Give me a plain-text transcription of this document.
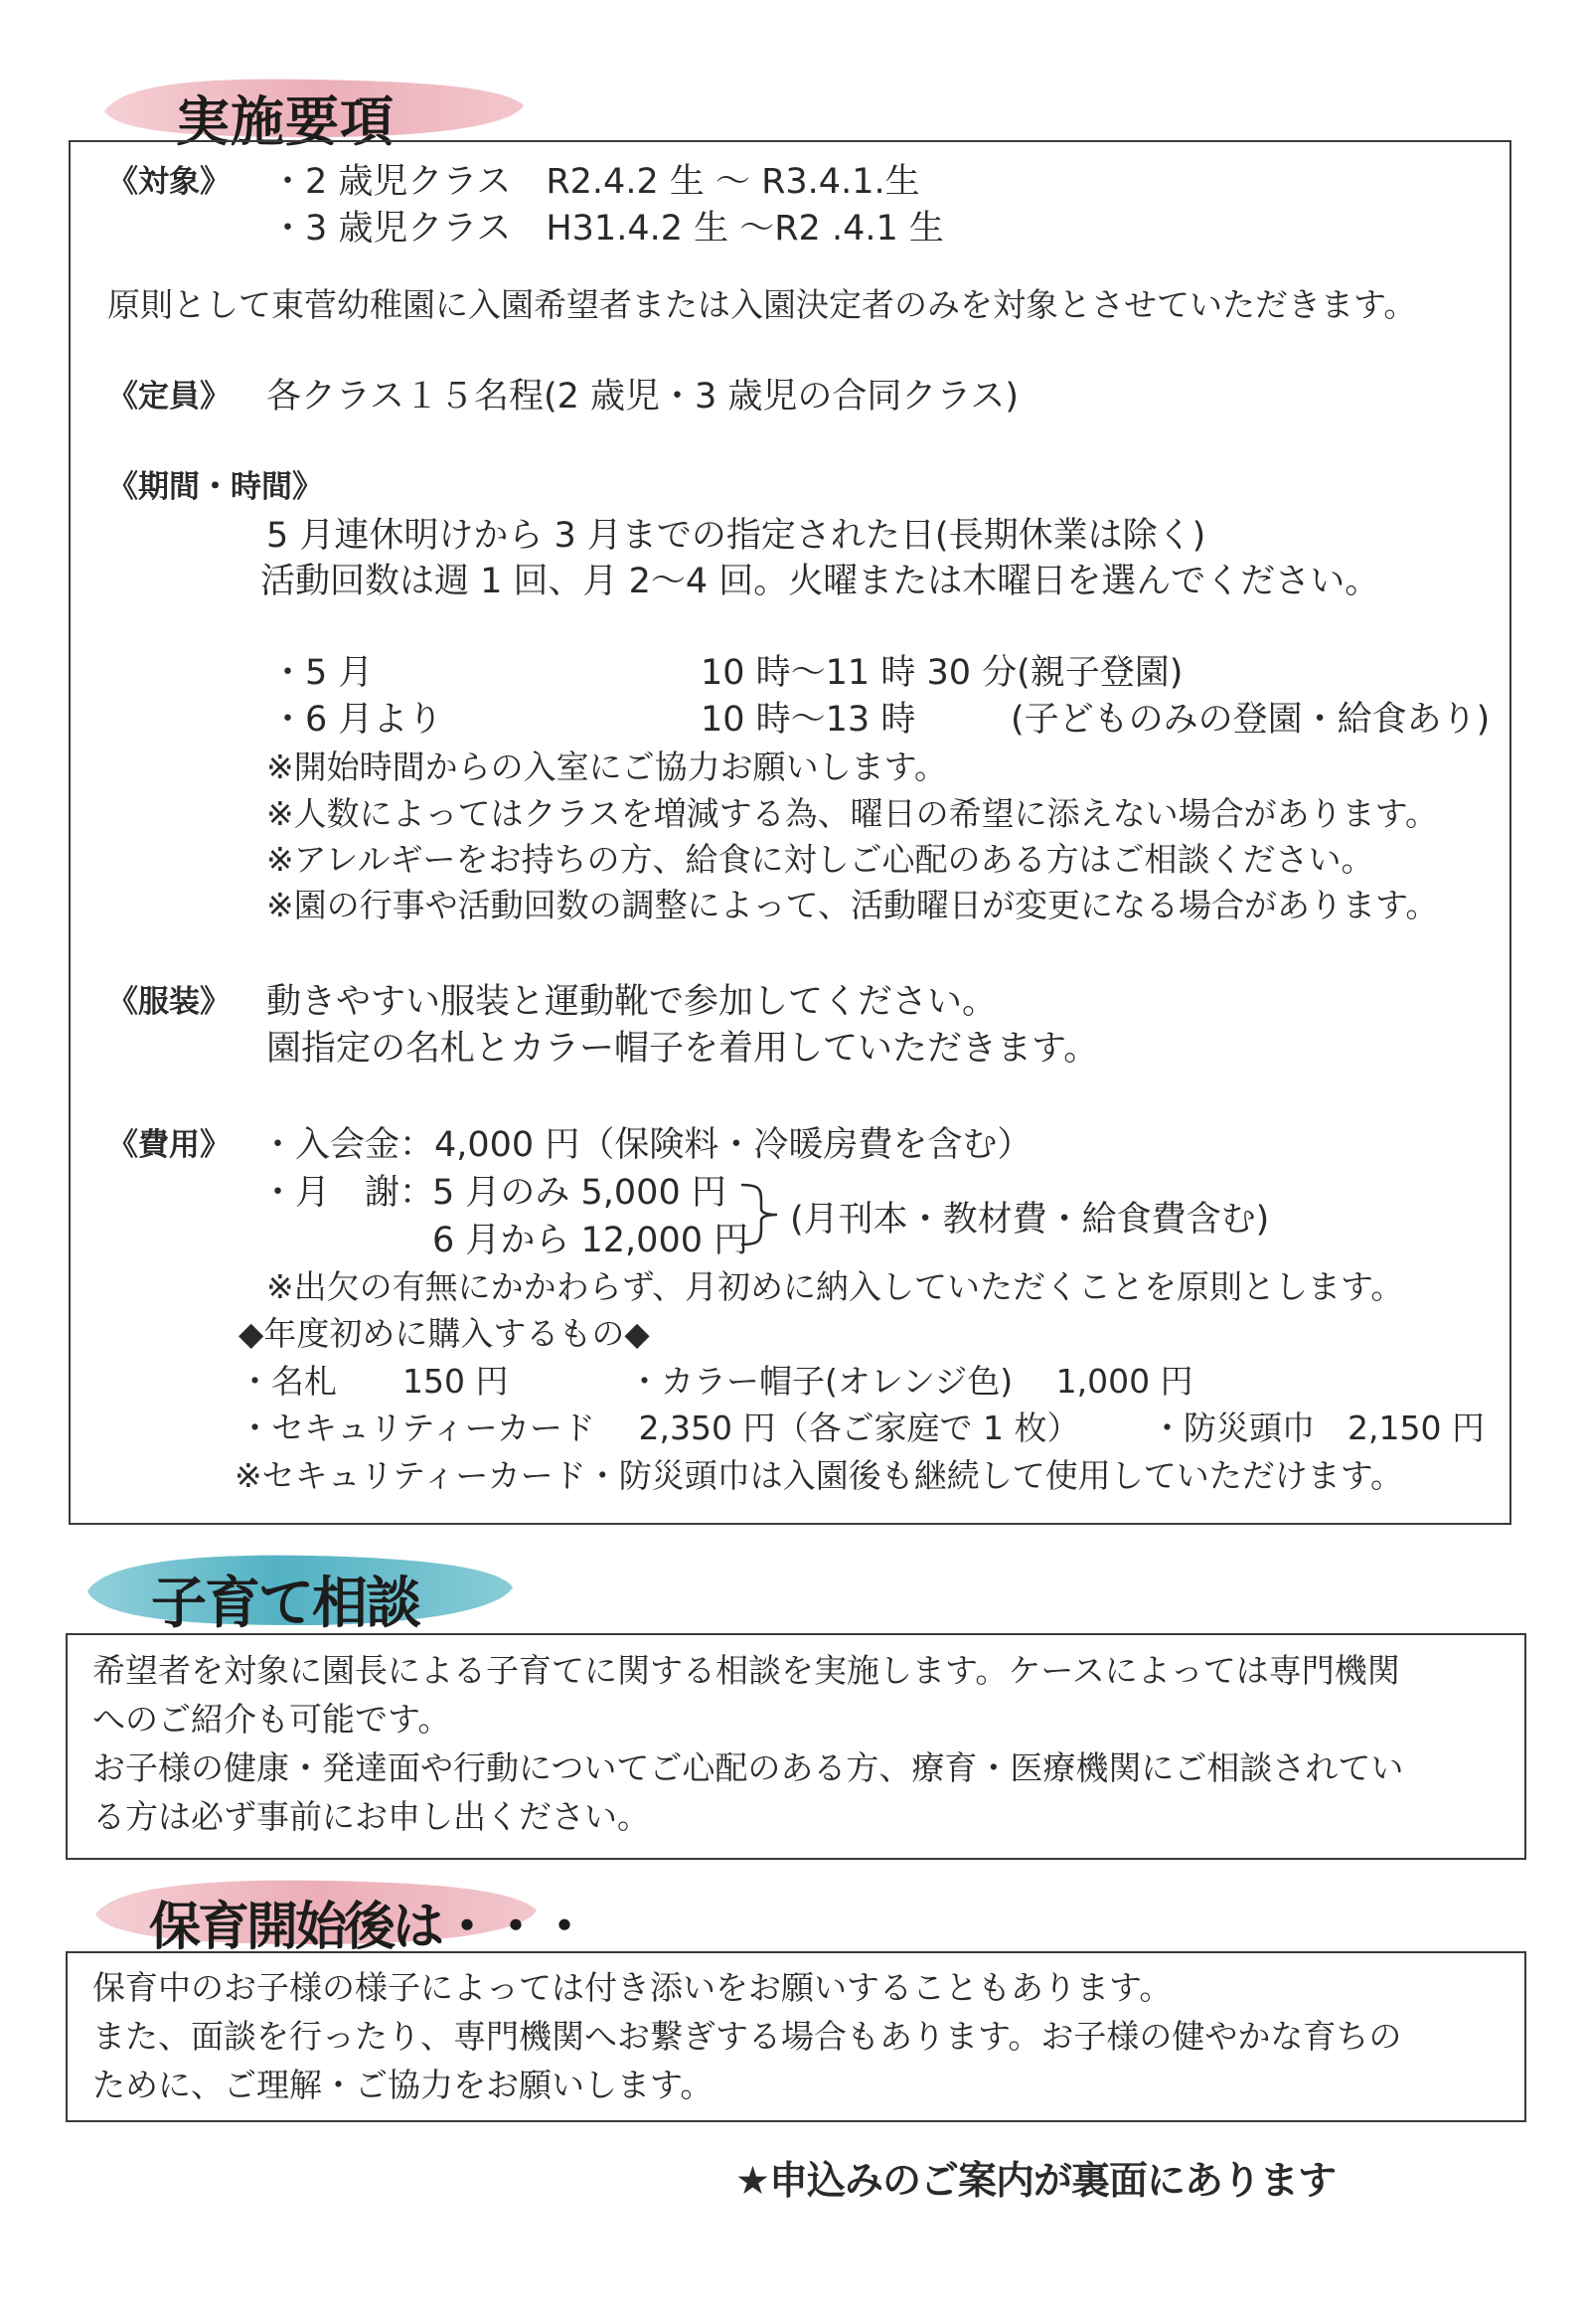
実施要項
《対象》 ・2 歳児クラス　R2.4.2 生 ～ R3.4.1.生
・3 歳児クラス　H31.4.2 生 ～R2 .4.1 生
原則として東菅幼稚園に入園希望者または入園決定者のみを対象とさせていただきます。
《定員》 各クラス１５名程(2 歳児・3 歳児の合同クラス)
《期間・時間》
5 月連休明けから 3 月までの指定された日(長期休業は除く)
活動回数は週 1 回、月 2～4 回。火曜または木曜日を選んでください。
・5 月	10 時～11 時 30 分(親子登園)
・6 月より	10 時～13 時	(子どものみの登園・給食あり)
※開始時間からの入室にご協力お願いします。
※人数によってはクラスを増減する為、曜日の希望に添えない場合があります。
※アレルギーをお持ちの方、給食に対しご心配のある方はご相談ください。
※園の行事や活動回数の調整によって、活動曜日が変更になる場合があります。
《服装》 動きやすい服装と運動靴で参加してください。
園指定の名札とカラー帽子を着用していただきます。
《費用》 ・入会金：4,000 円（保険料・冷暖房費を含む）
・月　謝：
5 月のみ 5,000 円
6 月から 12,000 円
(月刊本・教材費・給食費含む)
※出欠の有無にかかわらず、月初めに納入していただくことを原則とします。
◆年度初めに購入するもの◆
・名札　　150 円	・カラー帽子(オレンジ色)　 1,000 円
・セキュリティーカード　 2,350 円（各ご家庭で 1 枚） ・防災頭巾　2,150 円
※セキュリティーカード・防災頭巾は入園後も継続して使用していただけます。
子育て相談
希望者を対象に園長による子育てに関する相談を実施します。ケースによっては専門機関
へのご紹介も可能です。
お子様の健康・発達面や行動についてご心配のある方、療育・医療機関にご相談されてい
る方は必ず事前にお申し出ください。
保育開始後は・・・
保育中のお子様の様子によっては付き添いをお願いすることもあります。
また、面談を行ったり、専門機関へお繋ぎする場合もあります。お子様の健やかな育ちの
ために、ご理解・ご協力をお願いします。
★申込みのご案内が裏面にあります
